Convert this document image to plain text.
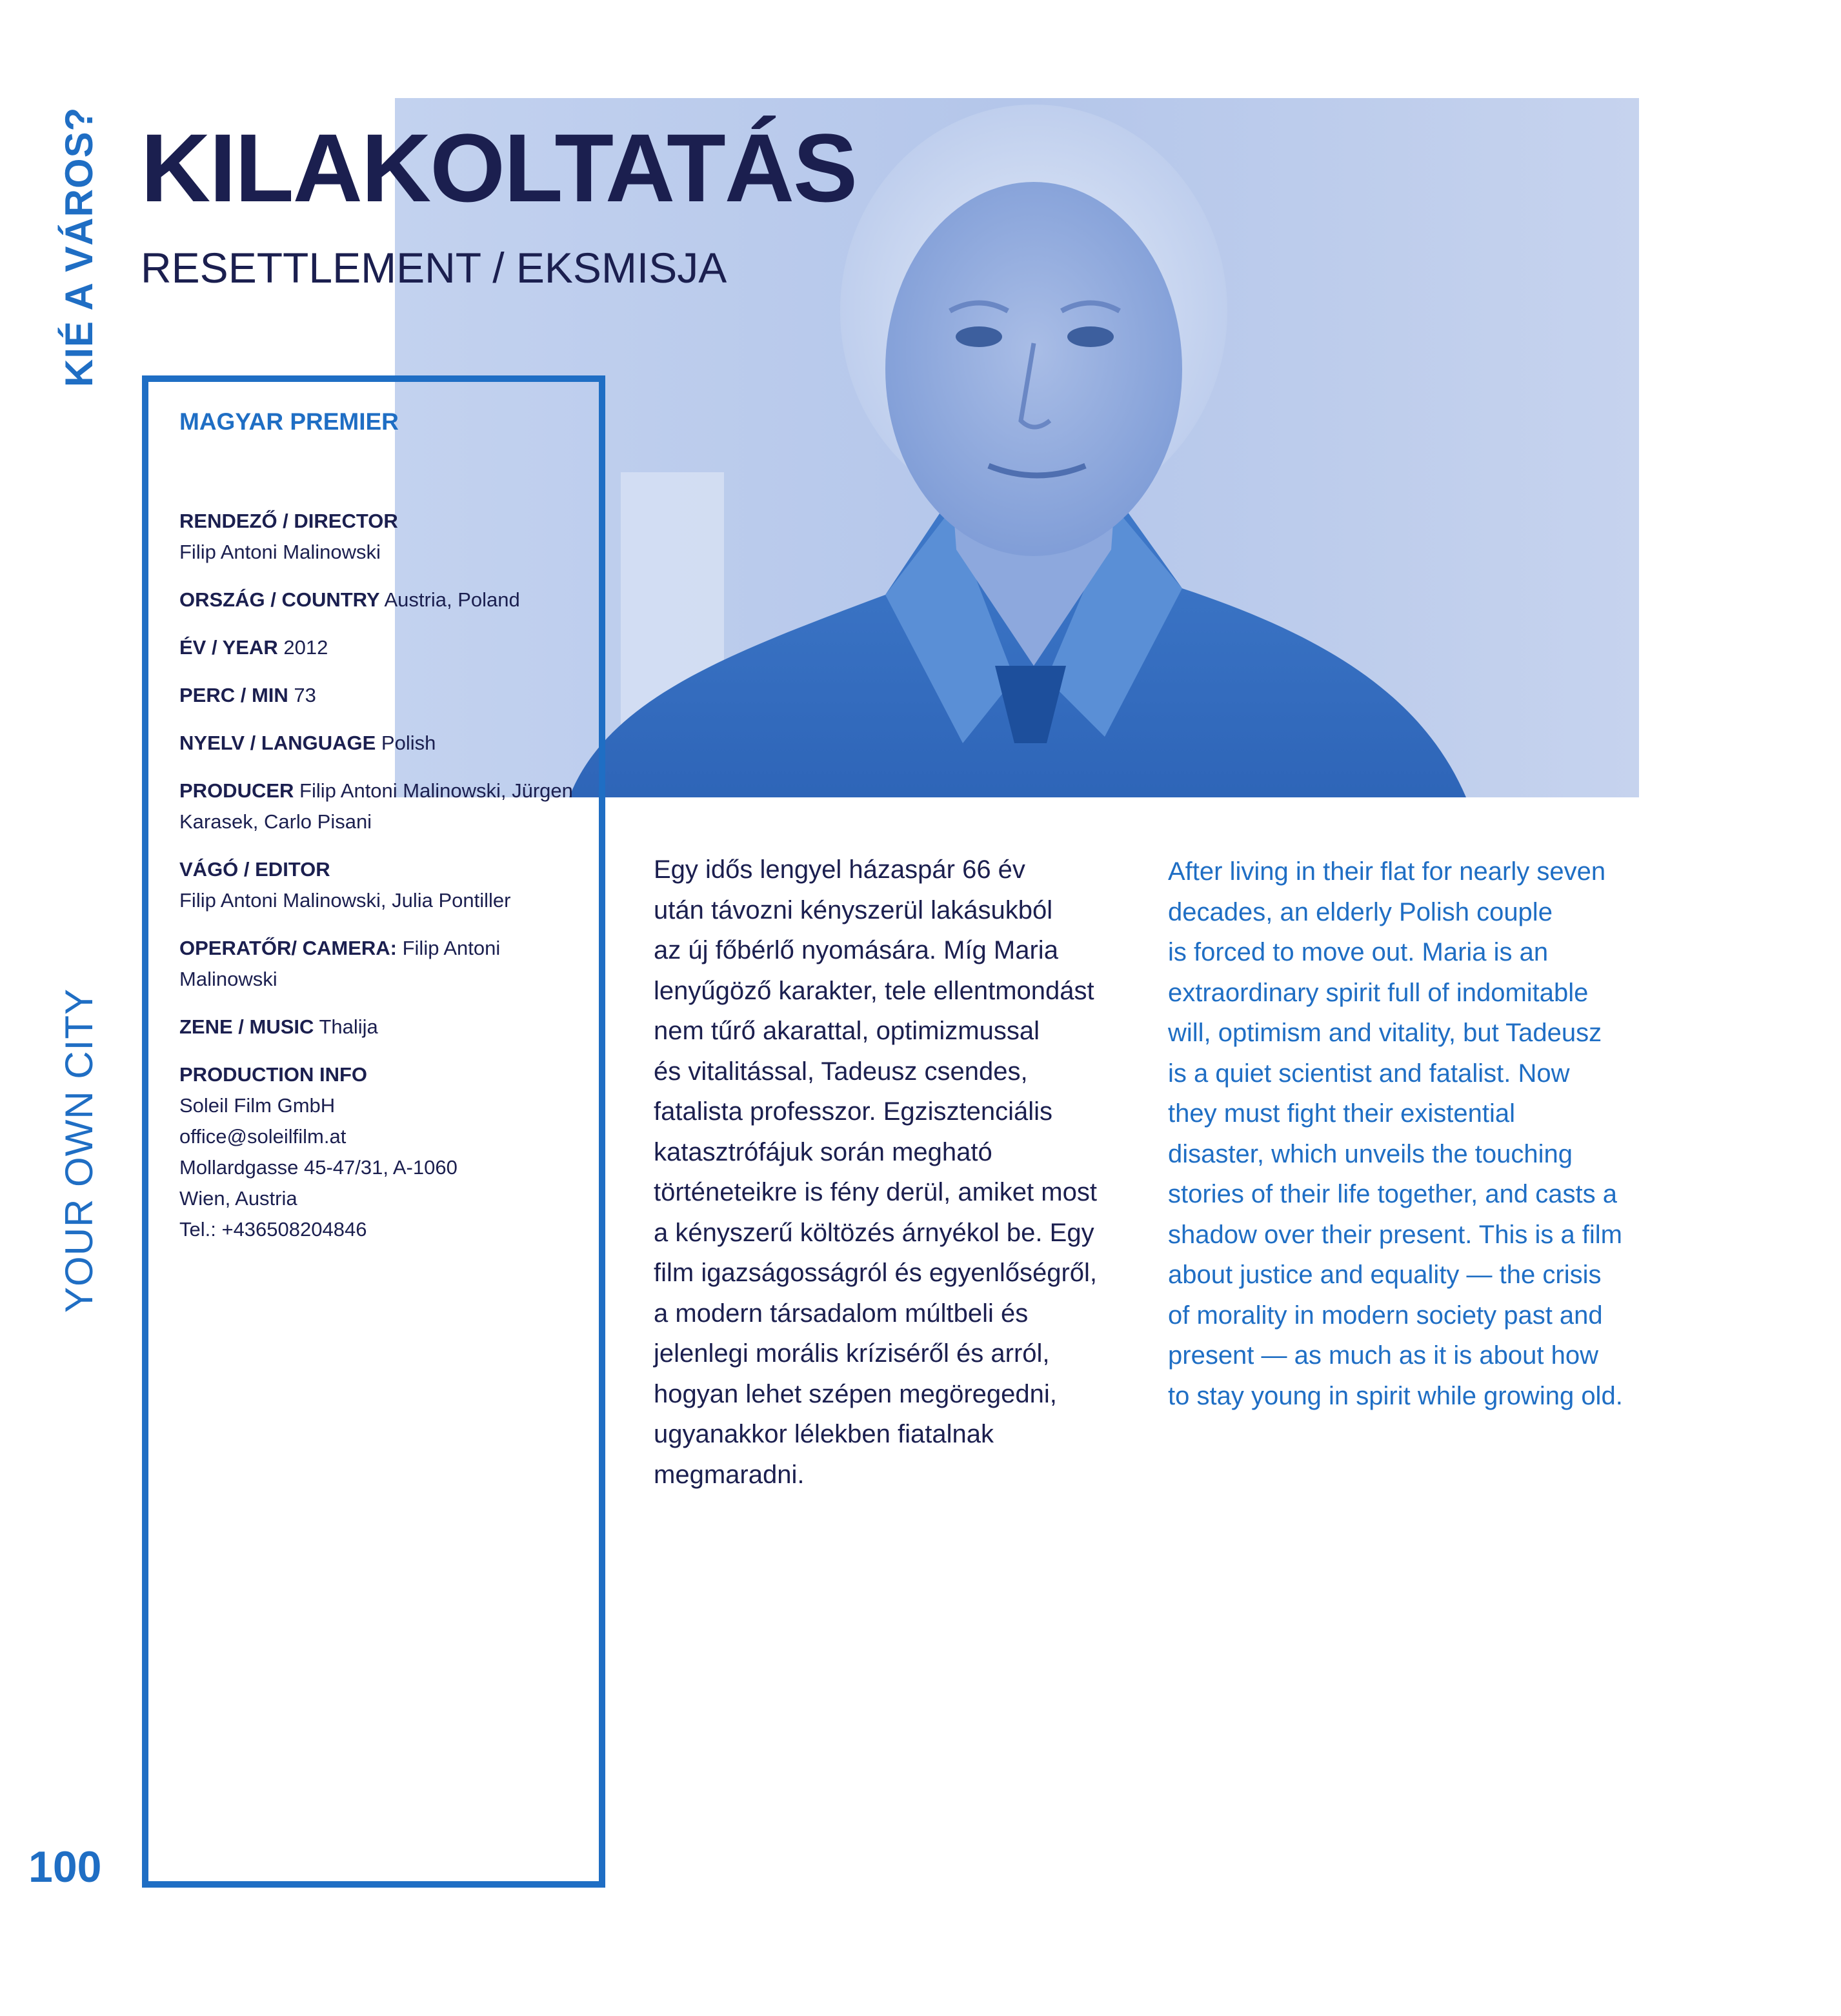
KIÉ A VÁROS?
YOUR OWN CITY
KILAKOLTATÁS
RESETTLEMENT / EKSMISJA

MAGYAR PREMIER

RENDEZŐ / DIRECTOR
Filip Antoni Malinowski

ORSZÁG / COUNTRY Austria, Poland

ÉV / YEAR 2012

PERC / MIN 73

NYELV / LANGUAGE Polish

PRODUCER Filip Antoni Malinowski, Jürgen
Karasek, Carlo Pisani

VÁGÓ / EDITOR
Filip Antoni Malinowski, Julia Pontiller

OPERATŐR/ CAMERA: Filip Antoni
Malinowski

ZENE / MUSIC Thalija

PRODUCTION INFO
Soleil Film GmbH
office@soleilfilm.at
Mollardgasse 45-47/31, A-1060
Wien, Austria
Tel.: +436508204846

Egy idős lengyel házaspár 66 év
után távozni kényszerül lakásukból
az új főbérlő nyomására. Míg Maria
lenyűgöző karakter, tele ellentmondást
nem tűrő akarattal, optimizmussal
és vitalitással, Tadeusz csendes,
fatalista professzor. Egzisztenciális
katasztrófájuk során megható
történeteikre is fény derül, amiket most
a kényszerű költözés árnyékol be. Egy
film igazságosságról és egyenlőségről,
a modern társadalom múltbeli és
jelenlegi morális kríziséről és arról,
hogyan lehet szépen megöregedni,
ugyanakkor lélekben fiatalnak
megmaradni.

After living in their flat for nearly seven
decades, an elderly Polish couple
is forced to move out. Maria is an
extraordinary spirit full of indomitable
will, optimism and vitality, but Tadeusz
is a quiet scientist and fatalist. Now
they must fight their existential
disaster, which unveils the touching
stories of their life together, and casts a
shadow over their present. This is a film
about justice and equality — the crisis
of morality in modern society past and
present — as much as it is about how
to stay young in spirit while growing old.

100
